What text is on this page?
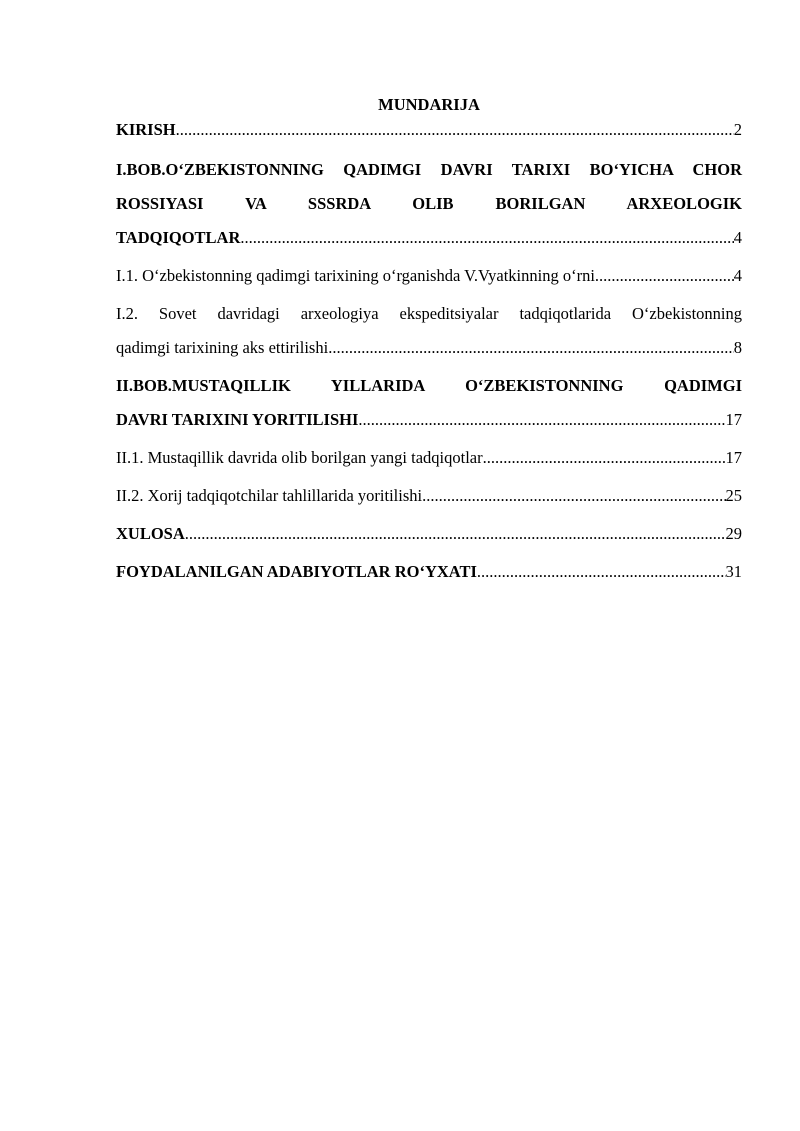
MUNDARIJA
KIRISH .....	2
I.BOB.O‘ZBEKISTONNING QADIMGI DAVRI TARIXI BO‘YICHA CHOR
ROSSIYASI VA SSSRDA OLIB BORILGAN ARXEOLOGIK
TADQIQOTLAR .....	4
I.1. O‘zbekistonning qadimgi tarixining o‘rganishda V.Vyatkinning o‘rni .....	4
I.2. Sovet davridagi arxeologiya ekspeditsiyalar tadqiqotlarida O‘zbekistonning
qadimgi tarixining aks ettirilishi .....	8
II.BOB.MUSTAQILLIK YILLARIDA O‘ZBEKISTONNING QADIMGI
DAVRI TARIXINI YORITILISHI .....	17
II.1. Mustaqillik davrida olib borilgan yangi tadqiqotlar .....	17
II.2. Xorij tadqiqotchilar tahlillarida yoritilishi .....	25
XULOSA .....	29
FOYDALANILGAN ADABIYOTLAR RO‘YXATI .....	31
